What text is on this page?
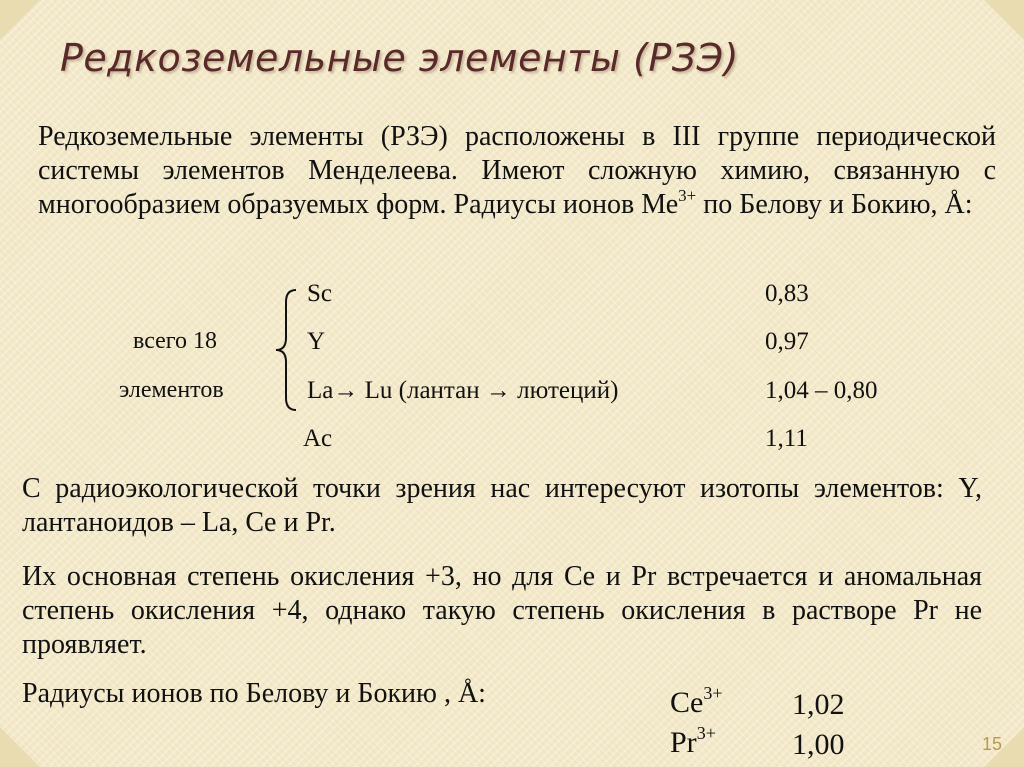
Редкоземельные элементы (РЗЭ)
Редкоземельные элементы (РЗЭ) расположены в III группе периодической системы элементов Менделеева. Имеют сложную химию, связанную с многообразием образуемых форм. Радиусы ионов $Ме^{3+}$ по Белову и Бокию, Å:
всего 18
элементов
Sc	0,83
Y	0,97
La→ Lu (лантан → лютеций)	1,04 – 0,80
Ac	1,11
С радиоэкологической точки зрения нас интересуют изотопы элементов: Y, лантаноидов – La, Ce и Pr.
Их основная степень окисления +3, но для Ce и Pr встречается и аномальная степень окисления +4, однако такую степень окисления в растворе Pr не проявляет.
Радиусы ионов по Белову и Бокию , Å:	$Ce^{3+}$ 1,02
$Pr^{3+}$	1,00	15
